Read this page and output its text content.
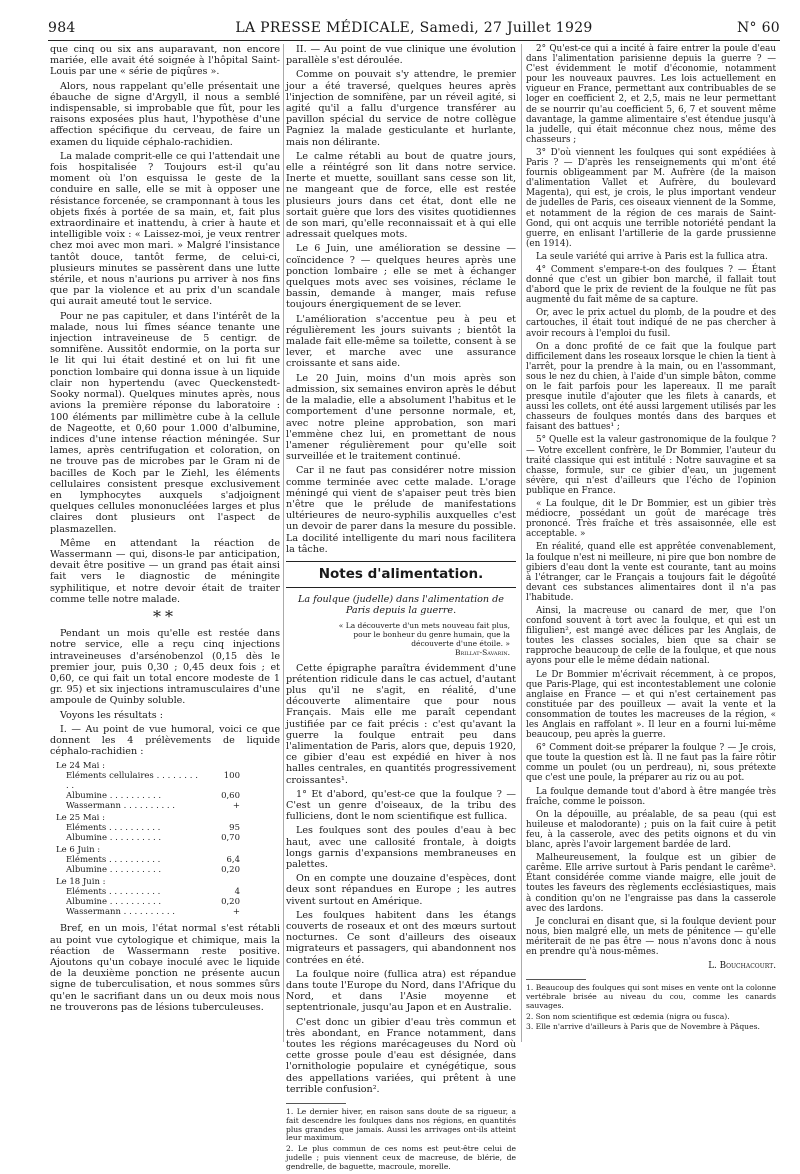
984	LA PRESSE MÉDICALE, Samedi, 27 Juillet 1929	N° 60

que cinq ou six ans auparavant, non encore mariée, elle avait été soignée à l'hôpital Saint-Louis par une « série de piqûres ».

Alors, nous rappelant qu'elle présentait une ébauche de signe d'Argyll, il nous a semblé indispensable, si improbable que fût, pour les raisons exposées plus haut, l'hypothèse d'une affection spécifique du cerveau, de faire un examen du liquide céphalo-rachidien.

La malade comprit-elle ce qui l'attendait une fois hospitalisée ? Toujours est-il qu'au moment où l'on esquissa le geste de la conduire en salle, elle se mit à opposer une résistance forcenée, se cramponnant à tous les objets fixés à portée de sa main, et, fait plus extraordinaire et inattendu, à crier à haute et intelligible voix : « Laissez-moi, je veux rentrer chez moi avec mon mari. » Malgré l'insistance tantôt douce, tantôt ferme, de celui-ci, plusieurs minutes se passèrent dans une lutte stérile, et nous n'aurions pu arriver à nos fins que par la violence et au prix d'un scandale qui aurait ameuté tout le service.

Pour ne pas capituler, et dans l'intérêt de la malade, nous lui fîmes séance tenante une injection intraveineuse de 5 centigr. de somnifène. Aussitôt endormie, on la porta sur le lit qui lui était destiné et on lui fit une ponction lombaire qui donna issue à un liquide clair non hypertendu (avec Queckenstedt-Sooky normal). Quelques minutes après, nous avions la première réponse du laboratoire : 100 éléments par millimètre cube à la cellule de Nageotte, et 0,60 pour 1.000 d'albumine, indices d'une intense réaction méningée. Sur lames, après centrifugation et coloration, on ne trouve pas de microbes par le Gram ni de bacilles de Koch par le Ziehl, les éléments cellulaires consistent presque exclusivement en lymphocytes auxquels s'adjoignent quelques cellules mononucléées larges et plus claires dont plusieurs ont l'aspect de plasmazellen.

Même en attendant la réaction de Wassermann — qui, disons-le par anticipation, devait être positive — un grand pas était ainsi fait vers le diagnostic de méningite syphilitique, et notre devoir était de traiter comme telle notre malade.

**

Pendant un mois qu'elle est restée dans notre service, elle a reçu cinq injections intraveineuses d'arsénobenzol (0,15 dès le premier jour, puis 0,30 ; 0,45 deux fois ; et 0,60, ce qui fait un total encore modeste de 1 gr. 95) et six injections intramusculaires d'une ampoule de Quinby soluble.

Voyons les résultats :

I. — Au point de vue humoral, voici ce que donnent les 4 prélèvements de liquide céphalo-rachidien :

Le 24 Mai :
Eléments cellulaires . . . . . . . . . .
100
Albumine . . . . . . . . . .	0,60
Wassermann . . . . . . . . . .	+
Le 25 Mai :
Eléments . . . . . . . . . .	95
Albumine . . . . . . . . . .	0,70
Le 6 Juin :
Eléments . . . . . . . . . .	6,4
Albumine . . . . . . . . . .	0,20
Le 18 Juin :
Eléments . . . . . . . . . .	4
Albumine . . . . . . . . . .	0,20
Wassermann . . . . . . . . . .	+

Bref, en un mois, l'état normal s'est rétabli au point vue cytologique et chimique, mais la réaction de Wassermann reste positive. Ajoutons qu'un cobaye inoculé avec le liquide de la deuxième ponction ne présente aucun signe de tuberculisation, et nous sommes sûrs qu'en le sacrifiant dans un ou deux mois nous ne trouverons pas de lésions tuberculeuses.

II. — Au point de vue clinique une évolution parallèle s'est déroulée.

Comme on pouvait s'y attendre, le premier jour a été traversé, quelques heures après l'injection de somnifène, par un réveil agité, si agité qu'il a fallu d'urgence transférer au pavillon spécial du service de notre collègue Pagniez la malade gesticulante et hurlante, mais non délirante.

Le calme rétabli au bout de quatre jours, elle a réintégré son lit dans notre service. Inerte et muette, souillant sans cesse son lit, ne mangeant que de force, elle est restée plusieurs jours dans cet état, dont elle ne sortait guère que lors des visites quotidiennes de son mari, qu'elle reconnaissait et à qui elle adressait quelques mots.

Le 6 Juin, une amélioration se dessine — coïncidence ? — quelques heures après une ponction lombaire ; elle se met à échanger quelques mots avec ses voisines, réclame le bassin, demande à manger, mais refuse toujours énergiquement de se lever.

L'amélioration s'accentue peu à peu et régulièrement les jours suivants ; bientôt la malade fait elle-même sa toilette, consent à se lever, et marche avec une assurance croissante et sans aide.

Le 20 Juin, moins d'un mois après son admission, six semaines environ après le début de la maladie, elle a absolument l'habitus et le comportement d'une personne normale, et, avec notre pleine approbation, son mari l'emmène chez lui, en promettant de nous l'amener régulièrement pour qu'elle soit surveillée et le traitement continué.

Car il ne faut pas considérer notre mission comme terminée avec cette malade. L'orage méningé qui vient de s'apaiser peut très bien n'être que le prélude de manifestations ultérieures de neuro-syphilis auxquelles c'est un devoir de parer dans la mesure du possible. La docilité intelligente du mari nous facilitera la tâche.

Notes d'alimentation.
La foulque (judelle) dans l'alimentation de Paris depuis la guerre.
« La découverte d'un mets nouveau fait plus, pour le bonheur du genre humain, que la découverte d'une étoile. »
Brillat-Savarin.

Cette épigraphe paraîtra évidemment d'une prétention ridicule dans le cas actuel, d'autant plus qu'il ne s'agit, en réalité, d'une découverte alimentaire que pour nous Français. Mais elle me paraît cependant justifiée par ce fait précis : c'est qu'avant la guerre la foulque entrait peu dans l'alimentation de Paris, alors que, depuis 1920, ce gibier d'eau est expédié en hiver à nos halles centrales, en quantités progressivement croissantes¹.

1° Et d'abord, qu'est-ce que la foulque ? — C'est un genre d'oiseaux, de la tribu des fulliciens, dont le nom scientifique est fullica.

Les foulques sont des poules d'eau à bec haut, avec une callosité frontale, à doigts longs garnis d'expansions membraneuses en palettes.

On en compte une douzaine d'espèces, dont deux sont répandues en Europe ; les autres vivent surtout en Amérique.

Les foulques habitent dans les étangs couverts de roseaux et ont des mœurs surtout nocturnes. Ce sont d'ailleurs des oiseaux migrateurs et passagers, qui abandonnent nos contrées en été.

La foulque noire (fullica atra) est répandue dans toute l'Europe du Nord, dans l'Afrique du Nord, et dans l'Asie moyenne et septentrionale, jusqu'au Japon et en Australie.

C'est donc un gibier d'eau très commun et très abondant, en France notamment, dans toutes les régions marécageuses du Nord où cette grosse poule d'eau est désignée, dans l'ornithologie populaire et cynégétique, sous des appellations variées, qui prêtent à une terrible confusion².

1. Le dernier hiver, en raison sans doute de sa rigueur, a fait descendre les foulques dans nos régions, en quantités plus grandes que jamais. Aussi les arrivages ont-ils atteint leur maximum.

2. Le plus commun de ces noms est peut-être celui de judelle ; puis viennent ceux de macreuse, de blérie, de gendrelle, de baguette, macroule, morelle.

2° Qu'est-ce qui a incité à faire entrer la poule d'eau dans l'alimentation parisienne depuis la guerre ? — C'est évidemment le motif d'économie, notamment pour les nouveaux pauvres. Les lois actuellement en vigueur en France, permettant aux contribuables de se loger en coefficient 2, et 2,5, mais ne leur permettant de se nourrir qu'au coefficient 5, 6, 7 et souvent même davantage, la gamme alimentaire s'est étendue jusqu'à la judelle, qui était méconnue chez nous, même des chasseurs ;

3° D'où viennent les foulques qui sont expédiées à Paris ? — D'après les renseignements qui m'ont été fournis obligeamment par M. Aufrère (de la maison d'alimentation Vallet et Aufrère, du boulevard Magenta), qui est, je crois, le plus important vendeur de judelles de Paris, ces oiseaux viennent de la Somme, et notamment de la région de ces marais de Saint-Gond, qui ont acquis une terrible notoriété pendant la guerre, en enlisant l'artillerie de la garde prussienne (en 1914).

La seule variété qui arrive à Paris est la fullica atra.

4° Comment s'empare-t-on des foulques ? — Étant donné que c'est un gibier bon marché, il fallait tout d'abord que le prix de revient de la foulque ne fût pas augmenté du fait même de sa capture.

Or, avec le prix actuel du plomb, de la poudre et des cartouches, il était tout indiqué de ne pas chercher à avoir recours à l'emploi du fusil.

On a donc profité de ce fait que la foulque part difficilement dans les roseaux lorsque le chien la tient à l'arrêt, pour la prendre à la main, ou en l'assommant, sous le nez du chien, à l'aide d'un simple bâton, comme on le fait parfois pour les lapereaux. Il me paraît presque inutile d'ajouter que les filets à canards, et aussi les collets, ont été aussi largement utilisés par les chasseurs de foulques montés dans des barques et faisant des battues¹ ;

5° Quelle est la valeur gastronomique de la foulque ? — Votre excellent confrère, le Dr Bommier, l'auteur du traité classique qui est intitulé : Notre sauvagine et sa chasse, formule, sur ce gibier d'eau, un jugement sévère, qui n'est d'ailleurs que l'écho de l'opinion publique en France.

« La foulque, dit le Dr Bommier, est un gibier très médiocre, possédant un goût de marécage très prononcé. Très fraîche et très assaisonnée, elle est acceptable. »

En réalité, quand elle est apprêtée convenablement, la foulque n'est ni meilleure, ni pire que bon nombre de gibiers d'eau dont la vente est courante, tant au moins à l'étranger, car le Français a toujours fait le dégoûté devant ces substances alimentaires dont il n'a pas l'habitude.

Ainsi, la macreuse ou canard de mer, que l'on confond souvent à tort avec la foulque, et qui est un filigulien², est mangé avec délices par les Anglais, de toutes les classes sociales, bien que sa chair se rapproche beaucoup de celle de la foulque, et que nous ayons pour elle le même dédain national.

Le Dr Bommier m'écrivait récemment, à ce propos, que Paris-Plage, qui est incontestablement une colonie anglaise en France — et qui n'est certainement pas constituée par des pouilleux — avait la vente et la consommation de toutes les macreuses de la région, « les Anglais en raffolant ». Il leur en a fourni lui-même beaucoup, peu après la guerre.

6° Comment doit-se préparer la foulque ? — Je crois, que toute la question est là. Il ne faut pas la faire rôtir comme un poulet (ou un perdreau), ni, sous prétexte que c'est une poule, la préparer au riz ou au pot.

La foulque demande tout d'abord à être mangée très fraîche, comme le poisson.

On la dépouille, au préalable, de sa peau (qui est huileuse et malodorante) ; puis on la fait cuire à petit feu, à la casserole, avec des petits oignons et du vin blanc, après l'avoir largement bardée de lard.

Malheureusement, la foulque est un gibier de carême. Elle arrive surtout à Paris pendant le carême³. Étant considérée comme viande maigre, elle jouit de toutes les faveurs des règlements ecclésiastiques, mais à condition qu'on ne l'engraisse pas dans la casserole avec des lardons.

Je conclurai en disant que, si la foulque devient pour nous, bien malgré elle, un mets de pénitence — qu'elle mériterait de ne pas être — nous n'avons donc à nous en prendre qu'à nous-mêmes.

L. Bouchacourt.

1. Beaucoup des foulques qui sont mises en vente ont la colonne vertébrale brisée au niveau du cou, comme les canards sauvages.

2. Son nom scientifique est œdemia (nigra ou fusca).

3. Elle n'arrive d'ailleurs à Paris que de Novembre à Pâques.
